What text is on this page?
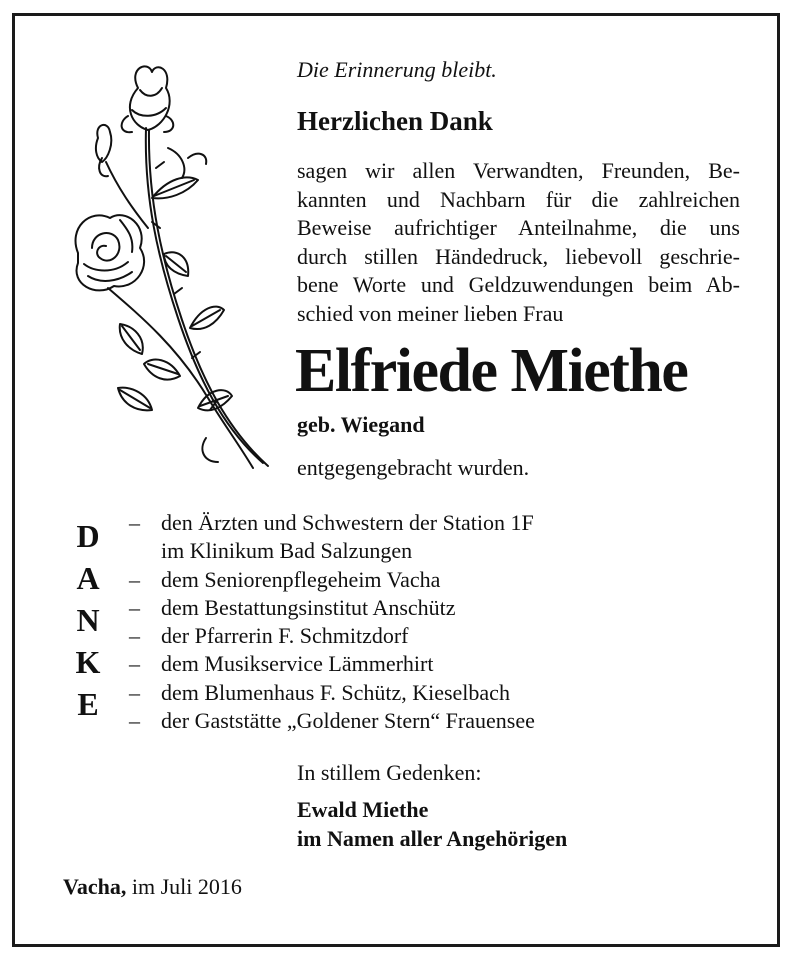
Die Erinnerung bleibt.
Herzlichen Dank
sagen wir allen Verwandten, Freunden, Be-
kannten und Nachbarn für die zahlreichen
Beweise aufrichtiger Anteilnahme, die uns
durch stillen Händedruck, liebevoll geschrie-
bene Worte und Geldzuwendungen beim Ab-
schied von meiner lieben Frau
Elfriede Miethe
geb. Wiegand
entgegengebracht wurden.
D
A
N
K
E
– den Ärzten und Schwestern der Station 1F
im Klinikum Bad Salzungen
– dem Seniorenpflegeheim Vacha
– dem Bestattungsinstitut Anschütz
– der Pfarrerin F. Schmitzdorf
– dem Musikservice Lämmerhirt
– dem Blumenhaus F. Schütz, Kieselbach
– der Gaststätte „Goldener Stern“ Frauensee
In stillem Gedenken:
Ewald Miethe
im Namen aller Angehörigen
Vacha, im Juli 2016
